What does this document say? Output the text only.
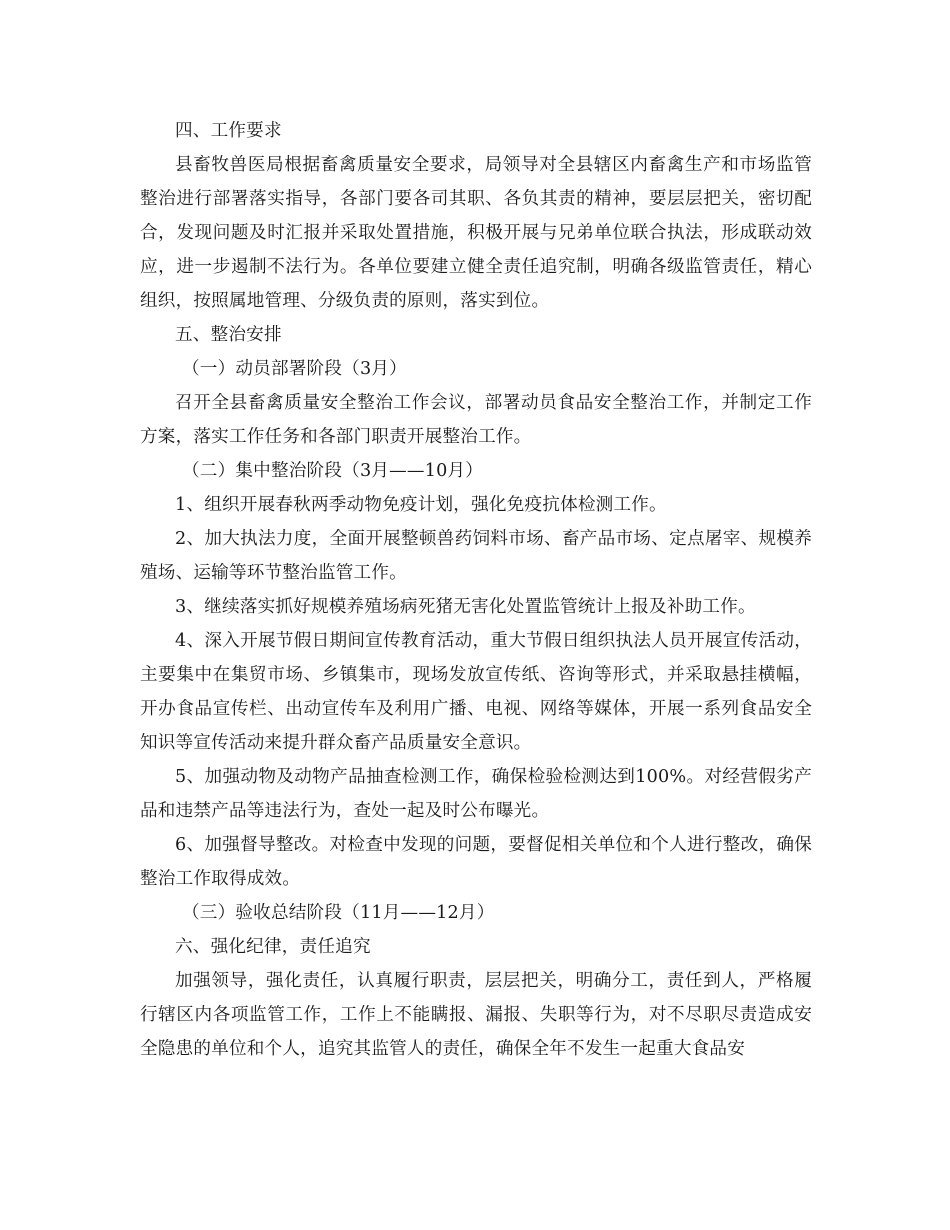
四、工作要求

县畜牧兽医局根据畜禽质量安全要求，局领导对全县辖区内畜禽生产和市场监管整治进行部署落实指导，各部门要各司其职、各负其责的精神，要层层把关，密切配合，发现问题及时汇报并采取处置措施，积极开展与兄弟单位联合执法，形成联动效应，进一步遏制不法行为。各单位要建立健全责任追究制，明确各级监管责任，精心组织，按照属地管理、分级负责的原则，落实到位。

五、整治安排

（一）动员部署阶段（3月）

召开全县畜禽质量安全整治工作会议，部署动员食品安全整治工作，并制定工作方案，落实工作任务和各部门职责开展整治工作。

（二）集中整治阶段（3月——10月）

1、组织开展春秋两季动物免疫计划，强化免疫抗体检测工作。

2、加大执法力度，全面开展整顿兽药饲料市场、畜产品市场、定点屠宰、规模养殖场、运输等环节整治监管工作。

3、继续落实抓好规模养殖场病死猪无害化处置监管统计上报及补助工作。

4、深入开展节假日期间宣传教育活动，重大节假日组织执法人员开展宣传活动，主要集中在集贸市场、乡镇集市，现场发放宣传纸、咨询等形式，并采取悬挂横幅，开办食品宣传栏、出动宣传车及利用广播、电视、网络等媒体，开展一系列食品安全知识等宣传活动来提升群众畜产品质量安全意识。

5、加强动物及动物产品抽查检测工作，确保检验检测达到100%。对经营假劣产品和违禁产品等违法行为，查处一起及时公布曝光。

6、加强督导整改。对检查中发现的问题，要督促相关单位和个人进行整改，确保整治工作取得成效。

（三）验收总结阶段（11月——12月）

六、强化纪律，责任追究

加强领导，强化责任，认真履行职责，层层把关，明确分工，责任到人，严格履行辖区内各项监管工作，工作上不能瞒报、漏报、失职等行为，对不尽职尽责造成安全隐患的单位和个人，追究其监管人的责任，确保全年不发生一起重大食品安
